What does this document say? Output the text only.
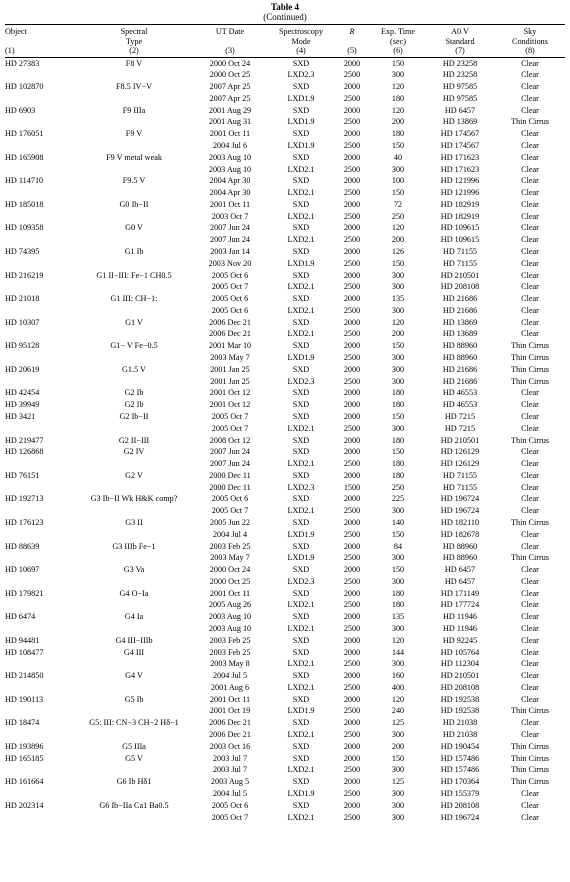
Table 4
(Continued)
Object	Spectral	UT Date	Spectroscopy	R	Exp. Time	A0 V	Sky
	Type		Mode		(sec)	Standard	Conditions
(1)	(2)	(3)	(4)	(5)	(6)	(7)	(8)
HD 27383	F8 V	2000 Oct 24	SXD	2000	150	HD 23258	Clear
		2000 Oct 25	LXD2.3	2500	300	HD 23258	Clear
HD 102870	F8.5 IV−V	2007 Apr 25	SXD	2000	120	HD 97585	Clear
		2007 Apr 25	LXD1.9	2500	180	HD 97585	Clear
HD 6903	F9 IIIa	2001 Aug 29	SXD	2000	120	HD 6457	Clear
		2001 Aug 31	LXD1.9	2500	200	HD 13869	Thin Cirrus
HD 176051	F9 V	2001 Oct 11	SXD	2000	180	HD 174567	Clear
		2004 Jul 6	LXD1.9	2500	150	HD 174567	Clear
HD 165908	F9 V metal weak	2003 Aug 10	SXD	2000	40	HD 171623	Clear
		2003 Aug 10	LXD2.1	2500	300	HD 171623	Clear
HD 114710	F9.5 V	2004 Apr 30	SXD	2000	100	HD 121996	Clear
		2004 Apr 30	LXD2.1	2500	150	HD 121996	Clear
HD 185018	G0 Ib−II	2001 Oct 11	SXD	2000	72	HD 182919	Clear
		2003 Oct 7	LXD2.1	2500	250	HD 182919	Clear
HD 109358	G0 V	2007 Jun 24	SXD	2000	120	HD 109615	Clear
		2007 Jun 24	LXD2.1	2500	200	HD 109615	Clear
HD 74395	G1 Ib	2003 Jan 14	SXD	2000	126	HD 71155	Clear
		2003 Nov 20	LXD1.9	2500	150	HD 71155	Clear
HD 216219	G1 II−III: Fe−1 CH0.5	2005 Oct 6	SXD	2000	300	HD 210501	Clear
		2005 Oct 7	LXD2.1	2500	300	HD 208108	Clear
HD 21018	G1 III: CH−1:	2005 Oct 6	SXD	2000	135	HD 21686	Clear
		2005 Oct 6	LXD2.1	2500	300	HD 21686	Clear
HD 10307	G1 V	2006 Dec 21	SXD	2000	120	HD 13869	Clear
		2006 Dec 21	LXD2.1	2500	200	HD 13689	Clear
HD 95128	G1− V Fe−0.5	2001 Mar 10	SXD	2000	150	HD 88960	Thin Cirrus
		2003 May 7	LXD1.9	2500	300	HD 88960	Thin Cirrus
HD 20619	G1.5 V	2001 Jan 25	SXD	2000	300	HD 21686	Thin Cirrus
		2001 Jan 25	LXD2.3	2500	300	HD 21686	Thin Cirrus
HD 42454	G2 Ib	2001 Oct 12	SXD	2000	180	HD 46553	Clear
HD 39949	G2 Ib	2001 Oct 12	SXD	2000	180	HD 46553	Clear
HD 3421	G2 Ib−II	2005 Oct 7	SXD	2000	150	HD 7215	Clear
		2005 Oct 7	LXD2.1	2500	300	HD 7215	Clear
HD 219477	G2 II−III	2008 Oct 12	SXD	2000	180	HD 210501	Thin Cirrus
HD 126868	G2 IV	2007 Jun 24	SXD	2000	150	HD 126129	Clear
		2007 Jun 24	LXD2.1	2500	180	HD 126129	Clear
HD 76151	G2 V	2000 Dec 11	SXD	2000	180	HD 71155	Clear
		2000 Dec 11	LXD2.3	1500	250	HD 71155	Clear
HD 192713	G3 Ib−II Wk H&K comp?	2005 Oct 6	SXD	2000	225	HD 196724	Clear
		2005 Oct 7	LXD2.1	2500	300	HD 196724	Clear
HD 176123	G3 II	2005 Jun 22	SXD	2000	140	HD 182110	Thin Cirrus
		2004 Jul 4	LXD1.9	2500	150	HD 182678	Clear
HD 88639	G3 IIIb Fe−1	2003 Feb 25	SXD	2000	84	HD 88960	Clear
		2003 May 7	LXD1.9	2500	300	HD 88960	Thin Cirrus
HD 10697	G3 Va	2000 Oct 24	SXD	2000	150	HD 6457	Clear
		2000 Oct 25	LXD2.3	2500	300	HD 6457	Clear
HD 179821	G4 O−Ia	2001 Oct 11	SXD	2000	180	HD 171149	Clear
		2005 Aug 26	LXD2.1	2500	180	HD 177724	Clear
HD 6474	G4 Ia	2003 Aug 10	SXD	2000	135	HD 11946	Clear
		2003 Aug 10	LXD2.1	2500	300	HD 11946	Clear
HD 94481	G4 III−IIIb	2003 Feb 25	SXD	2000	120	HD 92245	Clear
HD 108477	G4 III	2003 Feb 25	SXD	2000	144	HD 105764	Clear
		2003 May 8	LXD2.1	2500	300	HD 112304	Clear
HD 214850	G4 V	2004 Jul 5	SXD	2000	160	HD 210501	Clear
		2001 Aug 6	LXD2.1	2500	400	HD 208108	Clear
HD 190113	G5 Ib	2001 Oct 11	SXD	2000	120	HD 192538	Clear
		2001 Oct 19	LXD1.9	2500	240	HD 192538	Thin Cirrus
HD 18474	G5: III: CN−3 CH−2 Hδ−1	2006 Dec 21	SXD	2000	125	HD 21038	Clear
		2006 Dec 21	LXD2.1	2500	300	HD 21038	Clear
HD 193896	G5 IIIa	2003 Oct 16	SXD	2000	200	HD 190454	Thin Cirrus
HD 165185	G5 V	2003 Jul 7	SXD	2000	150	HD 157486	Thin Cirrus
		2003 Jul 7	LXD2.1	2500	300	HD 157486	Thin Cirrus
HD 161664	G6 Ib Hδ1	2003 Aug 5	SXD	2000	125	HD 170364	Thin Cirrus
		2004 Jul 5	LXD1.9	2500	300	HD 155379	Clear
HD 202314	G6 Ib−IIa Ca1 Ba0.5	2005 Oct 6	SXD	2000	300	HD 208108	Clear
		2005 Oct 7	LXD2.1	2500	300	HD 196724	Clear
